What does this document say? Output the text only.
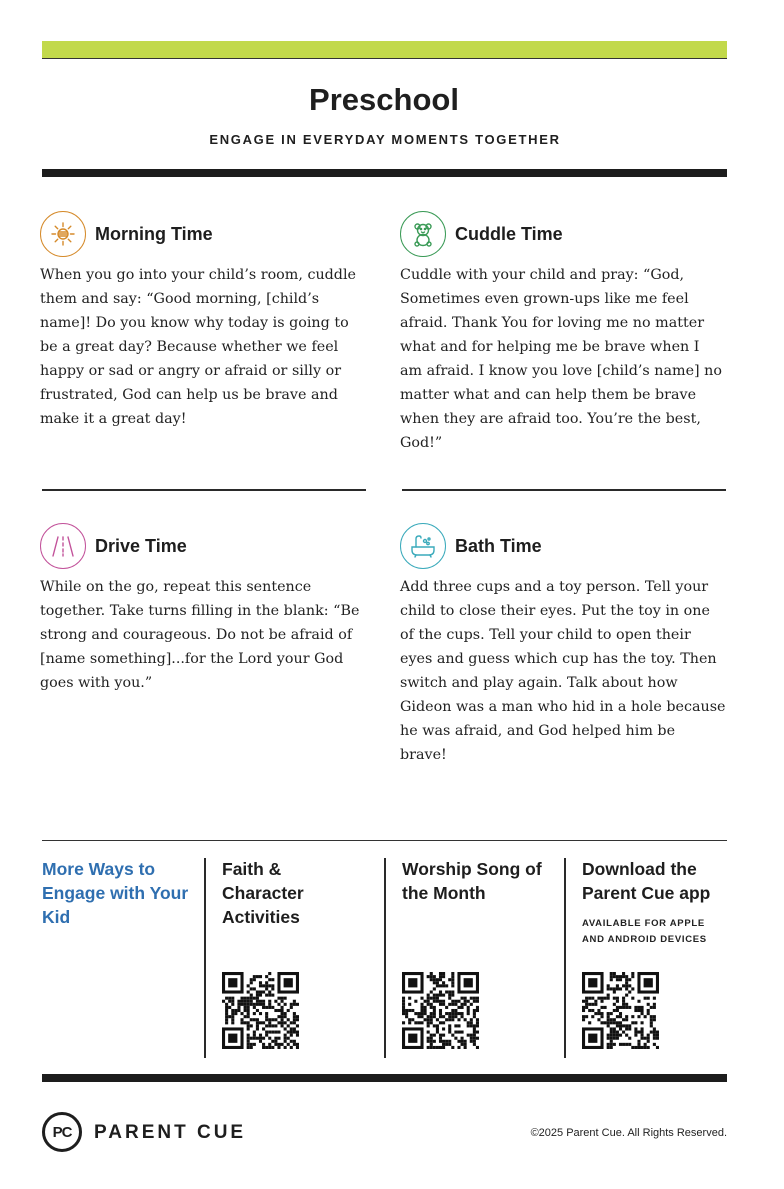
Preschool
ENGAGE IN EVERYDAY MOMENTS TOGETHER
Morning Time

When you go into your child’s room, cuddle them and say: “Good morning, [child’s name]! Do you know why today is going to be a great day? Because whether we feel happy or sad or angry or afraid or silly or frustrated, God can help us be brave and make it a great day!

Cuddle Time

Cuddle with your child and pray: “God, Sometimes even grown-ups like me feel afraid. Thank You for loving me no matter what and for helping me be brave when I am afraid. I know you love [child’s name] no matter what and can help them be brave when they are afraid too. You’re the best, God!”

Drive Time

While on the go, repeat this sentence together. Take turns filling in the blank: “Be strong and courageous. Do not be afraid of [name something]...for the Lord your God goes with you.”

Bath Time

Add three cups and a toy person. Tell your child to close their eyes. Put the toy in one of the cups. Tell your child to open their eyes and guess which cup has the toy. Then switch and play again. Talk about how Gideon was a man who hid in a hole because he was afraid, and God helped him be brave!

More Ways to Engage with Your Kid
Faith & Character Activities
Worship Song of the Month
Download the Parent Cue app
AVAILABLE FOR APPLE AND ANDROID DEVICES
PC PARENT CUE	©2025 Parent Cue. All Rights Reserved.
